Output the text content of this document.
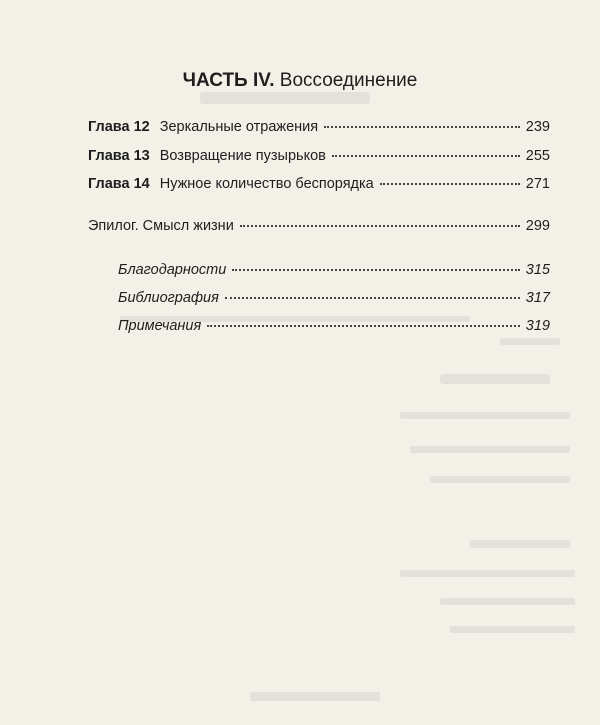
ЧАСТЬ IV. Воссоединение
Глава 12 Зеркальные отражения	239
Глава 13 Возвращение пузырьков	255
Глава 14 Нужное количество беспорядка	271
Эпилог. Смысл жизни	299
Благодарности	315
Библиография	317
Примечания	319
